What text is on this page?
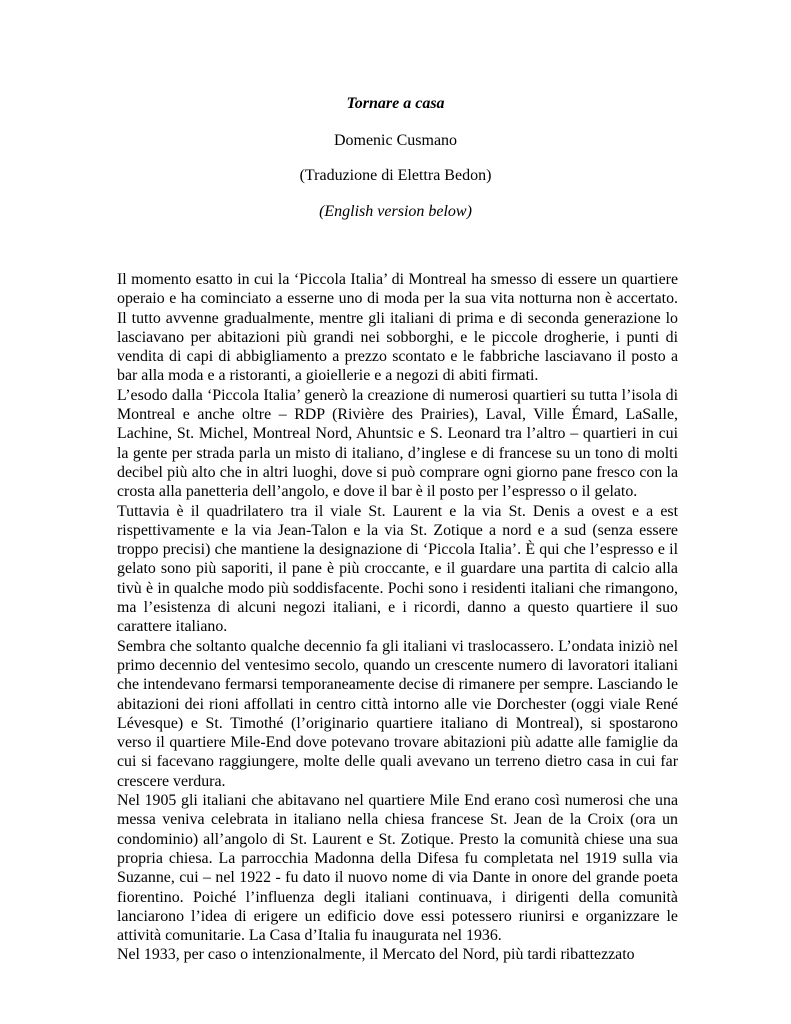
Tornare a casa
Domenic Cusmano
(Traduzione di Elettra Bedon)
(English version below)

Il momento esatto in cui la ‘Piccola Italia’ di Montreal ha smesso di essere un quartiere operaio e ha cominciato a esserne uno di moda per la sua vita notturna non è accertato. Il tutto avvenne gradualmente, mentre gli italiani di prima e di seconda generazione lo lasciavano per abitazioni più grandi nei sobborghi, e le piccole drogherie, i punti di vendita di capi di abbigliamento a prezzo scontato e le fabbriche lasciavano il posto a bar alla moda e a ristoranti, a gioiellerie e a negozi di abiti firmati.

L’esodo dalla ‘Piccola Italia’ generò la creazione di numerosi quartieri su tutta l’isola di Montreal e anche oltre – RDP (Rivière des Prairies), Laval, Ville Émard, LaSalle, Lachine, St. Michel, Montreal Nord, Ahuntsic e S. Leonard tra l’altro – quartieri in cui la gente per strada parla un misto di italiano, d’inglese e di francese su un tono di molti decibel più alto che in altri luoghi, dove si può comprare ogni giorno pane fresco con la crosta alla panetteria dell’angolo, e dove il bar è il posto per l’espresso o il gelato.

Tuttavia è il quadrilatero tra il viale St. Laurent e la via St. Denis a ovest e a est rispettivamente e la via Jean-Talon e la via St. Zotique a nord e a sud (senza essere troppo precisi) che mantiene la designazione di ‘Piccola Italia’. È qui che l’espresso e il gelato sono più saporiti, il pane è più croccante, e il guardare una partita di calcio alla tivù è in qualche modo più soddisfacente. Pochi sono i residenti italiani che rimangono, ma l’esistenza di alcuni negozi italiani, e i ricordi, danno a questo quartiere il suo carattere italiano.

Sembra che soltanto qualche decennio fa gli italiani vi traslocassero. L’ondata iniziò nel primo decennio del ventesimo secolo, quando un crescente numero di lavoratori italiani che intendevano fermarsi temporaneamente decise di rimanere per sempre. Lasciando le abitazioni dei rioni affollati in centro città intorno alle vie Dorchester (oggi viale René Lévesque) e St. Timothé (l’originario quartiere italiano di Montreal), si spostarono verso il quartiere Mile-End dove potevano trovare abitazioni più adatte alle famiglie da cui si facevano raggiungere, molte delle quali avevano un terreno dietro casa in cui far crescere verdura.

Nel 1905 gli italiani che abitavano nel quartiere Mile End erano così numerosi che una messa veniva celebrata in italiano nella chiesa francese St. Jean de la Croix (ora un condominio) all’angolo di St. Laurent e St. Zotique. Presto la comunità chiese una sua propria chiesa. La parrocchia Madonna della Difesa fu completata nel 1919 sulla via Suzanne, cui – nel 1922 - fu dato il nuovo nome di via Dante in onore del grande poeta fiorentino. Poiché l’influenza degli italiani continuava, i dirigenti della comunità lanciarono l’idea di erigere un edificio dove essi potessero riunirsi e organizzare le attività comunitarie. La Casa d’Italia fu inaugurata nel 1936.

Nel 1933, per caso o intenzionalmente, il Mercato del Nord, più tardi ribattezzato
